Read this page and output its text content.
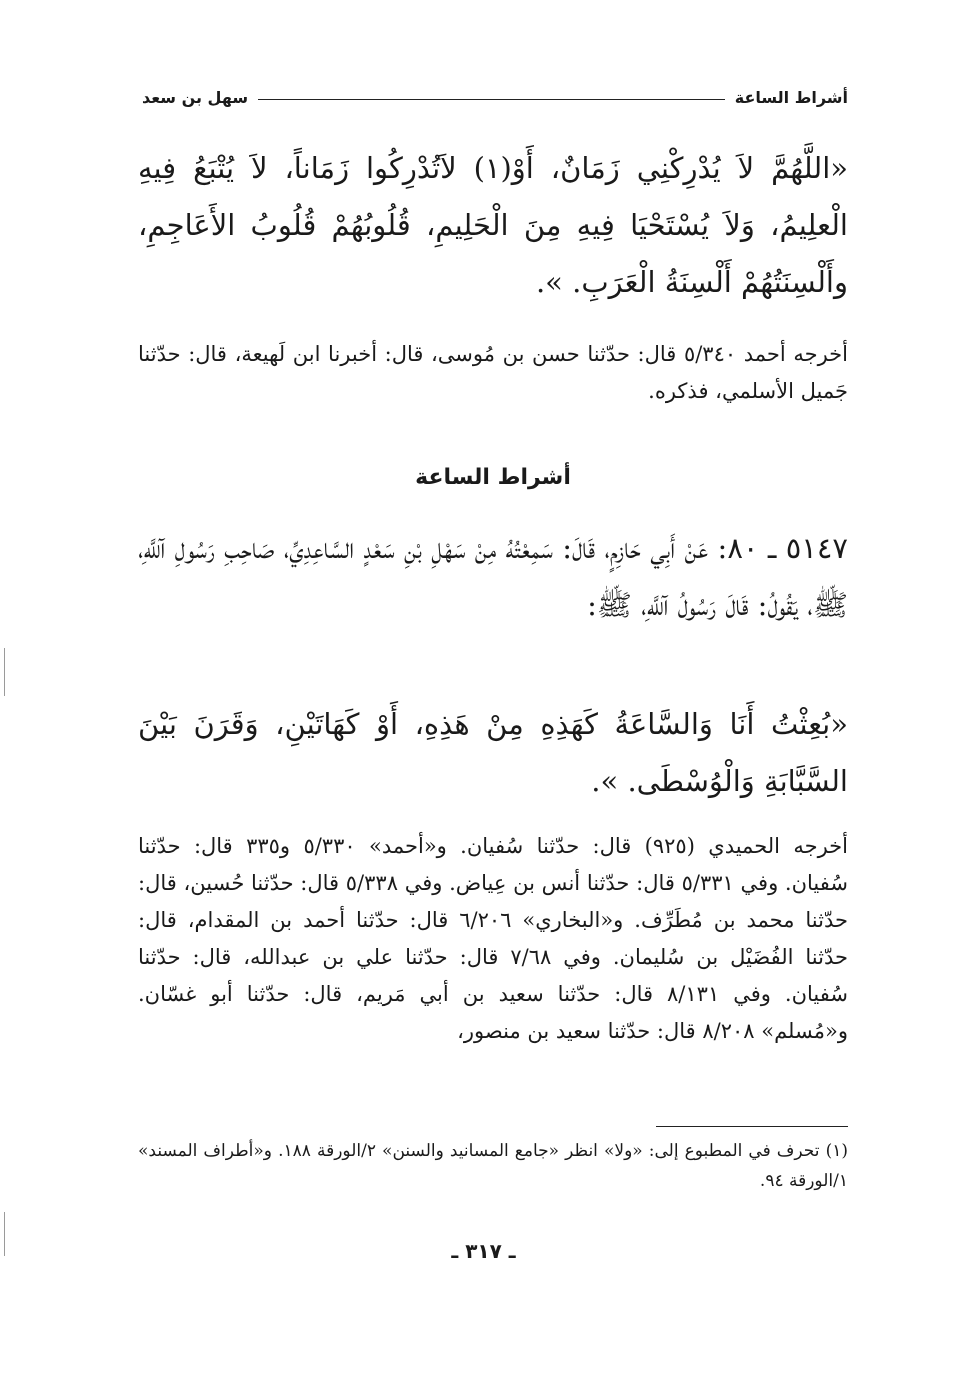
أشراط الساعة
سهل بن سعد

«اللَّهُمَّ لاَ يُدْرِكْنِي زَمَانٌ، أَوْ(١) لاَتُدْرِكُوا زَمَاناً، لاَ يُتْبَعُ فِيهِ الْعلِيمُ، وَلاَ يُسْتَحْيَا فِيهِ مِنَ الْحَلِيمِ، قُلُوبُهُمْ قُلُوبُ الأَعَاجِمِ، وأَلْسِنَتُهُمْ أَلْسِنَةُ الْعَرَبِ. ».

أخرجه أحمد ٥/٣٤٠ قال: حدّثنا حسن بن مُوسى، قال: أخبرنا ابن لَهيعة، قال: حدّثنا جَميل الأسلمي، فذكره.

أشراط الساعة

٥١٤٧ ـ ٨٠: عَنْ أَبِي حَازِمٍ، قَالَ: سَمِعْتُهُ مِنْ سَهْلِ بْنِ سَعْدٍ السَّاعِدِيِّ، صَاحِبِ رَسُولِ آللَّهِ، ﷺ، يَقُولُ: قَالَ رَسُولُ آللَّهِ، ﷺ:

«بُعِثْتُ أَنَا وَالسَّاعَةُ كَهَذِهِ مِنْ هَذِهِ، أَوْ كَهَاتَيْنِ، وَقَرَنَ بَيْنَ السَّبَّابَةِ وَالْوُسْطَى. ».

أخرجه الحميدي (٩٢٥) قال: حدّثنا سُفيان. و«أحمد» ٥/٣٣٠ و٣٣٥ قال: حدّثنا سُفيان. وفي ٥/٣٣١ قال: حدّثنا أنس بن عِياض. وفي ٥/٣٣٨ قال: حدّثنا حُسين، قال: حدّثنا محمد بن مُطَرِّف. و«البخاري» ٦/٢٠٦ قال: حدّثنا أحمد بن المقدام، قال: حدّثنا الفُضَيْل بن سُليمان. وفي ٧/٦٨ قال: حدّثنا علي بن عبدالله، قال: حدّثنا سُفيان. وفي ٨/١٣١ قال: حدّثنا سعيد بن أبي مَريم، قال: حدّثنا أبو غسّان. و«مُسلم» ٨/٢٠٨ قال: حدّثنا سعيد بن منصور،

(١) تحرف في المطبوع إلى: «ولا» انظر «جامع المسانيد والسنن» ٢/الورقة ١٨٨. و«أطراف المسند» ١/الورقة ٩٤.

ـ ٣١٧ ـ
